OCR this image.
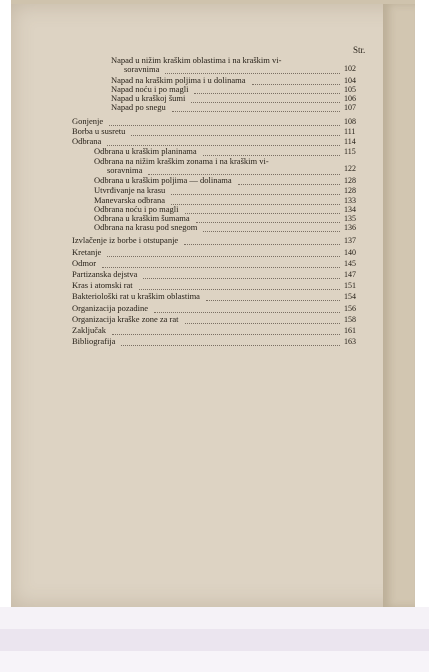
Str.
Napad u nižim kraškim oblastima i na kraškim vi-
soravnima	102
Napad na kraškim poljima i u dolinama	104
Napad noću i po magli	105
Napad u kraškoj šumi	106
Napad po snegu	107
Gonjenje	108
Borba u susretu	111
Odbrana	114
Odbrana u kraškim planinama	115
Odbrana na nižim kraškim zonama i na kraškim vi-
soravnima	122
Odbrana u kraškim poljima — dolinama	128
Utvrđivanje na krasu	128
Manevarska odbrana	133
Odbrana noću i po magli	134
Odbrana u kraškim šumama	135
Odbrana na krasu pod snegom	136
Izvlačenje iz borbe i otstupanje	137
Kretanje	140
Odmor	145
Partizanska dejstva	147
Kras i atomski rat	151
Bakteriološki rat u kraškim oblastima	154
Organizacija pozadine	156
Organizacija kraške zone za rat	158
Zaključak	161
Bibliografija	163
